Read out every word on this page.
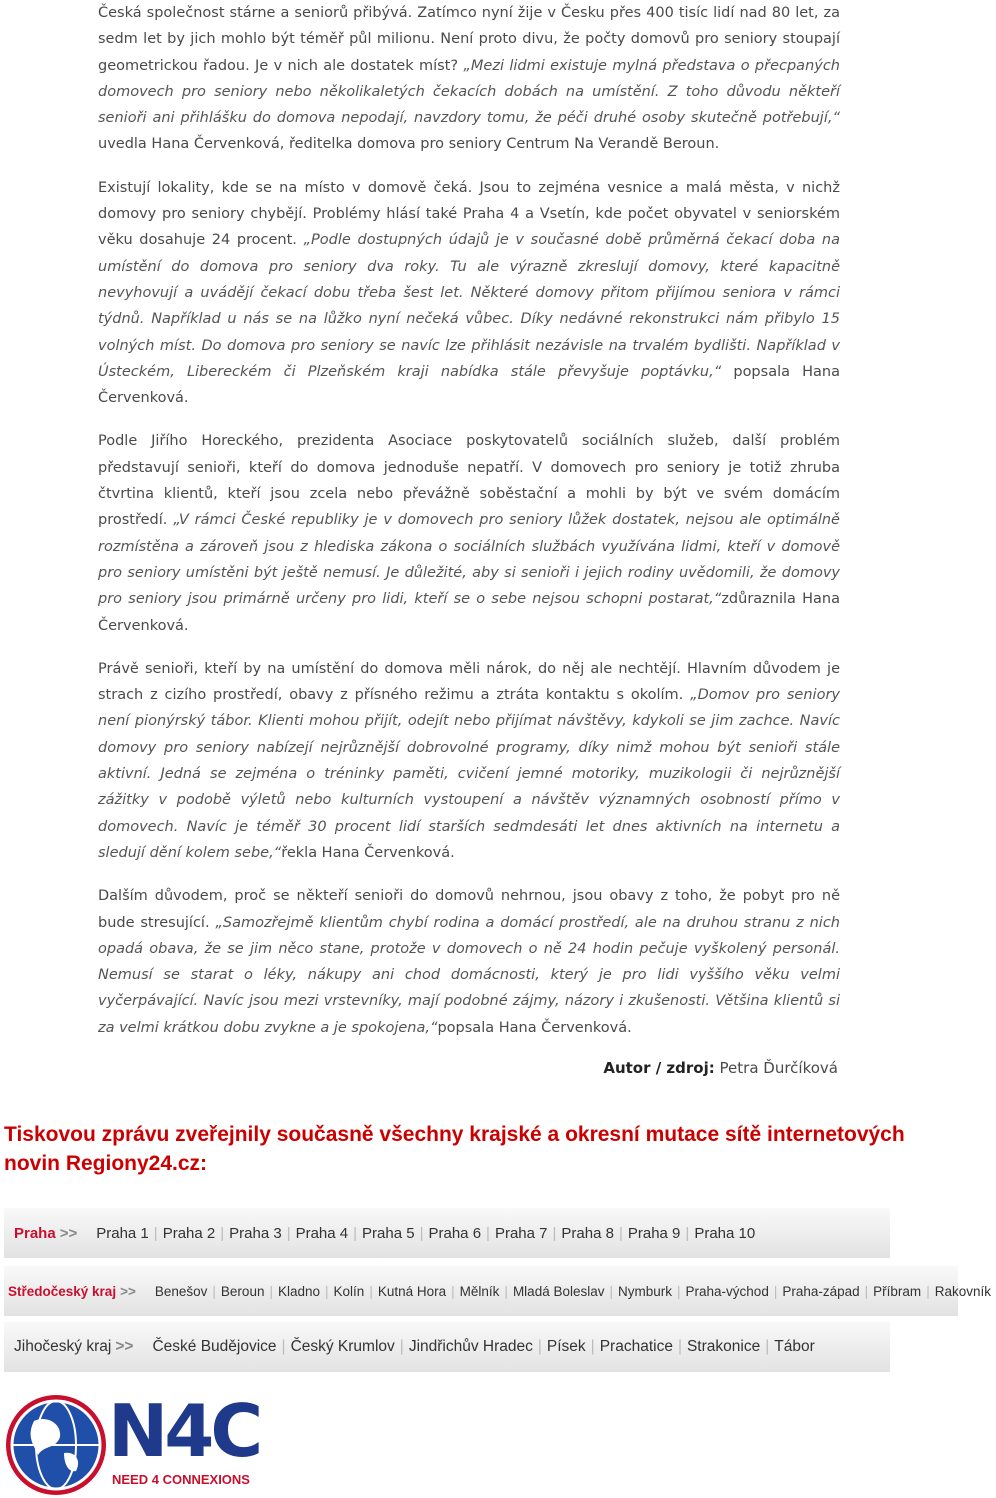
Česká společnost stárne a seniorů přibývá. Zatímco nyní žije v Česku přes 400 tisíc lidí nad 80 let, za sedm let by jich mohlo být téměř půl milionu. Není proto divu, že počty domovů pro seniory stoupají geometrickou řadou. Je v nich ale dostatek míst? „Mezi lidmi existuje mylná představa o přecpaných domovech pro seniory nebo několikaletých čekacích dobách na umístění. Z toho důvodu někteří senioři ani přihlášku do domova nepodají, navzdory tomu, že péči druhé osoby skutečně potřebují,“ uvedla Hana Červenková, ředitelka domova pro seniory Centrum Na Verandě Beroun.

Existují lokality, kde se na místo v domově čeká. Jsou to zejména vesnice a malá města, v nichž domovy pro seniory chybějí. Problémy hlásí také Praha 4 a Vsetín, kde počet obyvatel v seniorském věku dosahuje 24 procent. „Podle dostupných údajů je v současné době průměrná čekací doba na umístění do domova pro seniory dva roky. Tu ale výrazně zkreslují domovy, které kapacitně nevyhovují a uvádějí čekací dobu třeba šest let. Některé domovy přitom přijímou seniora v rámci týdnů. Například u nás se na lůžko nyní nečeká vůbec. Díky nedávné rekonstrukci nám přibylo 15 volných míst. Do domova pro seniory se navíc lze přihlásit nezávisle na trvalém bydlišti. Například v Ústeckém, Libereckém či Plzeňském kraji nabídka stále převyšuje poptávku,“ popsala Hana Červenková.

Podle Jiřího Horeckého, prezidenta Asociace poskytovatelů sociálních služeb, další problém představují senioři, kteří do domova jednoduše nepatří. V domovech pro seniory je totiž zhruba čtvrtina klientů, kteří jsou zcela nebo převážně soběstační a mohli by být ve svém domácím prostředí. „V rámci České republiky je v domovech pro seniory lůžek dostatek, nejsou ale optimálně rozmístěna a zároveň jsou z hlediska zákona o sociálních službách využívána lidmi, kteří v domově pro seniory umístěni být ještě nemusí. Je důležité, aby si senioři i jejich rodiny uvědomili, že domovy pro seniory jsou primárně určeny pro lidi, kteří se o sebe nejsou schopni postarat,“zdůraznila Hana Červenková.

Právě senioři, kteří by na umístění do domova měli nárok, do něj ale nechtějí. Hlavním důvodem je strach z cizího prostředí, obavy z přísného režimu a ztráta kontaktu s okolím. „Domov pro seniory není pionýrský tábor. Klienti mohou přijít, odejít nebo přijímat návštěvy, kdykoli se jim zachce. Navíc domovy pro seniory nabízejí nejrůznější dobrovolné programy, díky nimž mohou být senioři stále aktivní. Jedná se zejména o tréninky paměti, cvičení jemné motoriky, muzikologii či nejrůznější zážitky v podobě výletů nebo kulturních vystoupení a návštěv významných osobností přímo v domovech. Navíc je téměř 30 procent lidí starších sedmdesáti let dnes aktivních na internetu a sledují dění kolem sebe,“řekla Hana Červenková.

Dalším důvodem, proč se někteří senioři do domovů nehrnou, jsou obavy z toho, že pobyt pro ně bude stresující. „Samozřejmě klientům chybí rodina a domácí prostředí, ale na druhou stranu z nich opadá obava, že se jim něco stane, protože v domovech o ně 24 hodin pečuje vyškolený personál. Nemusí se starat o léky, nákupy ani chod domácnosti, který je pro lidi vyššího věku velmi vyčerpávající. Navíc jsou mezi vrstevníky, mají podobné zájmy, názory i zkušenosti. Většina klientů si za velmi krátkou dobu zvykne a je spokojena,“popsala Hana Červenková.

Autor / zdroj: Petra Ďurčíková
Tiskovou zprávu zveřejnily současně všechny krajské a okresní mutace sítě internetových novin Regiony24.cz:
Praha >>	Praha 1 | Praha 2 | Praha 3 | Praha 4 | Praha 5 | Praha 6 | Praha 7 | Praha 8 | Praha 9 | Praha 10
Středočeský kraj >>	Benešov | Beroun | Kladno | Kolín | Kutná Hora | Mělník | Mladá Boleslav | Nymburk | Praha-východ | Praha-západ | Příbram | Rakovník
Jihočeský kraj >>	České Budějovice | Český Krumlov | Jindřichův Hradec | Písek | Prachatice | Strakonice | Tábor
N4C
NEED 4 CONNEXIONS
